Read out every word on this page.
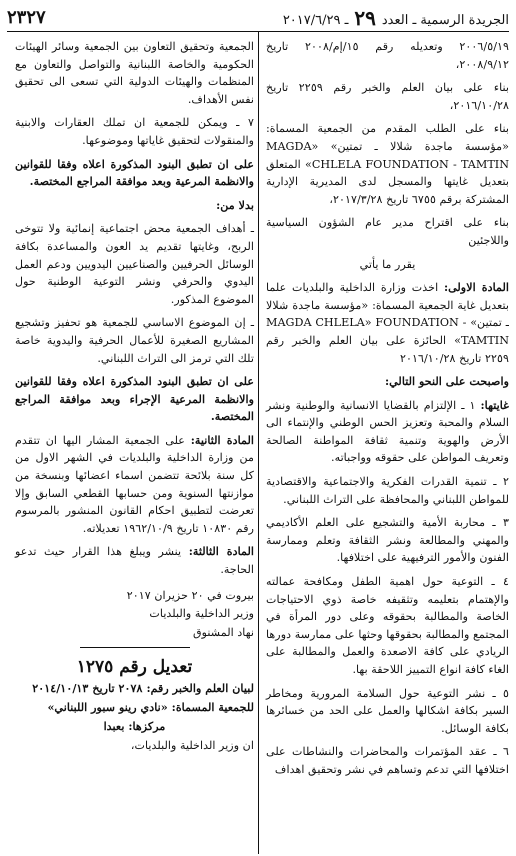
الجريدة الرسمية ـ العدد
٢٩
ـ ٢٠١٧/٦/٢٩
٢٣٢٧

٢٠٠٦/٥/١٩ وتعديله رقم ١٥/إم/٢٠٠٨ تاريخ ٢٠٠٨/٩/١٢،

بناء على بيان العلم والخبر رقم ٢٢٥٩ تاريخ ٢٠١٦/١٠/٢٨،

بناء على الطلب المقدم من الجمعية المسماة: «مؤسسة ماجدة شلالا ـ تمتين» MAGDA» CHLELA FOUNDATION - TAMTIN» المتعلق بتعديل غايتها والمسجل لدى المديرية الإدارية المشتركة برقم ٦٧٥٥ تاريخ ٢٠١٧/٣/٢٨،

بناء على اقتراح مدير عام الشؤون السياسية واللاجئين

يقرر ما يأتي

المادة الاولى: اخذت وزارة الداخلية والبلديات علما بتعديل غاية الجمعية المسماة: «مؤسسة ماجدة شلالا ـ تمتين» MAGDA CHLELA» FOUNDATION - TAMTIN» الحائزة على بيان العلم والخبر رقم ٢٢٥٩ تاريخ ٢٠١٦/١٠/٢٨

واصبحت على النحو التالي:

غايتها: ١ ـ الإلتزام بالقضايا الانسانية والوطنية ونشر السلام والمحبة وتعزيز الحس الوطني والإنتماء الى الأرض والهوية وتنمية ثقافة المواطنة الصالحة وتعريف المواطن على حقوقه وواجباته.

٢ ـ تنمية القدرات الفكرية والاجتماعية والاقتصادية للمواطن اللبناني والمحافظة على التراث اللبناني.

٣ ـ محاربة الأمية والتشجيع على العلم الأكاديمي والمهني والمطالعة ونشر الثقافة وتعلم وممارسة الفنون والأمور الترفيهية على اختلافها.

٤ ـ التوعية حول اهمية الطفل ومكافحة عمالته والإهتمام بتعليمه وتثقيفه خاصة ذوي الاحتياجات الخاصة والمطالبة بحقوقه وعلى دور المرأة في المجتمع والمطالبة بحقوقها وحثها على ممارسة دورها الريادي على كافة الاصعدة والعمل والمطالبة على الغاء كافة انواع التمييز اللاحقة بها.

٥ ـ نشر التوعية حول السلامة المرورية ومخاطر السير بكافة اشكالها والعمل على الحد من خسائرها بكافة الوسائل.

٦ ـ عقد المؤتمرات والمحاضرات والنشاطات على اختلافها التي تدعم وتساهم في نشر وتحقيق اهداف

الجمعية وتحقيق التعاون بين الجمعية وسائر الهيئات الحكومية والخاصة اللبنانية والتواصل والتعاون مع المنظمات والهيئات الدولية التي تسعى الى تحقيق نفس الأهداف.

٧ ـ ويمكن للجمعية ان تملك العقارات والابنية والمنقولات لتحقيق غاياتها وموضوعها.

على ان تطبق البنود المذكورة اعلاه وفقا للقوانين والانظمة المرعية وبعد موافقة المراجع المختصة.

بدلا من:

ـ أهداف الجمعية محض اجتماعية إنمائية ولا تتوخى الربح، وغايتها تقديم يد العون والمساعدة بكافة الوسائل الحرفيين والصناعيين اليدويين ودعم العمل اليدوي والحرفي ونشر التوعية الوطنية حول الموضوع المذكور.

ـ إن الموضوع الاساسي للجمعية هو تحفيز وتشجيع المشاريع الصغيرة للأعمال الحرفية واليدوية خاصة تلك التي ترمز الى التراث اللبناني.

على ان تطبق البنود المذكورة اعلاه وفقا للقوانين والانظمة المرعية الإجراء وبعد موافقة المراجع المختصة.

المادة الثانية: على الجمعية المشار اليها ان تتقدم من وزارة الداخلية والبلديات في الشهر الاول من كل سنة بلائحة تتضمن اسماء اعضائها وبنسخة من موازنتها السنوية ومن حسابها القطعي السابق وإلا تعرضت لتطبيق احكام القانون المنشور بالمرسوم رقم ١٠٨٣٠ تاريخ ١٩٦٢/١٠/٩ تعديلاته.

المادة الثالثة: ينشر ويبلغ هذا القرار حيث تدعو الحاجة.

بيروت في ٢٠ حزيران ٢٠١٧

وزير الداخلية والبلديات

نهاد المشنوق

تعديل رقم ١٢٧٥

لبيان العلم والخبر رقم: ٢٠٧٨ تاريخ ٢٠١٤/١٠/١٣

للجمعية المسماة: «نادي رينو سبور اللبناني»

مركزها: بعبدا

ان وزير الداخلية والبلديات،
